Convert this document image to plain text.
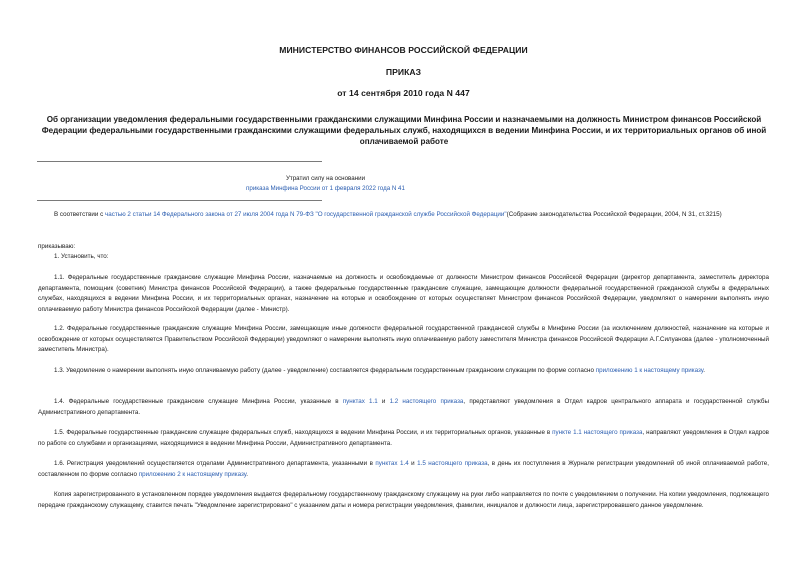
МИНИСТЕРСТВО ФИНАНСОВ РОССИЙСКОЙ ФЕДЕРАЦИИ
ПРИКАЗ
от 14 сентября 2010 года N 447
Об организации уведомления федеральными государственными гражданскими служащими Минфина России и назначаемыми на должность Министром финансов Российской Федерации федеральными государственными гражданскими служащими федеральных служб, находящихся в ведении Минфина России, и их территориальных органов об иной оплачиваемой работе
Утратил силу на основании
приказа Минфина России от 1 февраля 2022 года N 41

В соответствии с частью 2 статьи 14 Федерального закона от 27 июля 2004 года N 79-ФЗ "О государственной гражданской службе Российской Федерации"(Собрание законодательства Российской Федерации, 2004, N 31, ст.3215)

приказываю:

1. Установить, что:

1.1. Федеральные государственные гражданские служащие Минфина России, назначаемые на должность и освобождаемые от должности Министром финансов Российской Федерации (директор департамента, заместитель директора департамента, помощник (советник) Министра финансов Российской Федерации), а также федеральные государственные гражданские служащие, замещающие должности федеральной государственной гражданской службы в федеральных службах, находящихся в ведении Минфина России, и их территориальных органах, назначение на которые и освобождение от которых осуществляет Министром финансов Российской Федерации, уведомляют о намерении выполнять иную оплачиваемую работу Министра финансов Российской Федерации (далее - Министр).

1.2. Федеральные государственные гражданские служащие Минфина России, замещающие иные должности федеральной государственной гражданской службы в Минфине России (за исключением должностей, назначение на которые и освобождение от которых осуществляется Правительством Российской Федерации) уведомляют о намерении выполнять иную оплачиваемую работу заместителя Министра финансов Российской Федерации А.Г.Силуанова (далее - уполномоченный заместитель Министра).

1.3. Уведомление о намерении выполнять иную оплачиваемую работу (далее - уведомление) составляется федеральным государственным гражданским служащим по форме согласно приложению 1 к настоящему приказу.

1.4. Федеральные государственные гражданские служащие Минфина России, указанные в пунктах 1.1 и 1.2 настоящего приказа, представляют уведомления в Отдел кадров центрального аппарата и государственной службы Административного департамента.

1.5. Федеральные государственные гражданские служащие федеральных служб, находящихся в ведении Минфина России, и их территориальных органов, указанные в пункте 1.1 настоящего приказа, направляют уведомления в Отдел кадров по работе со службами и организациями, находящимися в ведении Минфина России, Административного департамента.

1.6. Регистрация уведомлений осуществляется отделами Административного департамента, указанными в пунктах 1.4 и 1.5 настоящего приказа, в день их поступления в Журнале регистрации уведомлений об иной оплачиваемой работе, составленном по форме согласно приложению 2 к настоящему приказу.

Копия зарегистрированного в установленном порядке уведомления выдается федеральному государственному гражданскому служащему на руки либо направляется по почте с уведомлением о получении. На копии уведомления, подлежащего передаче гражданскому служащему, ставится печать "Уведомление зарегистрировано" с указанием даты и номера регистрации уведомления, фамилии, инициалов и должности лица, зарегистрировавшего данное уведомление.
